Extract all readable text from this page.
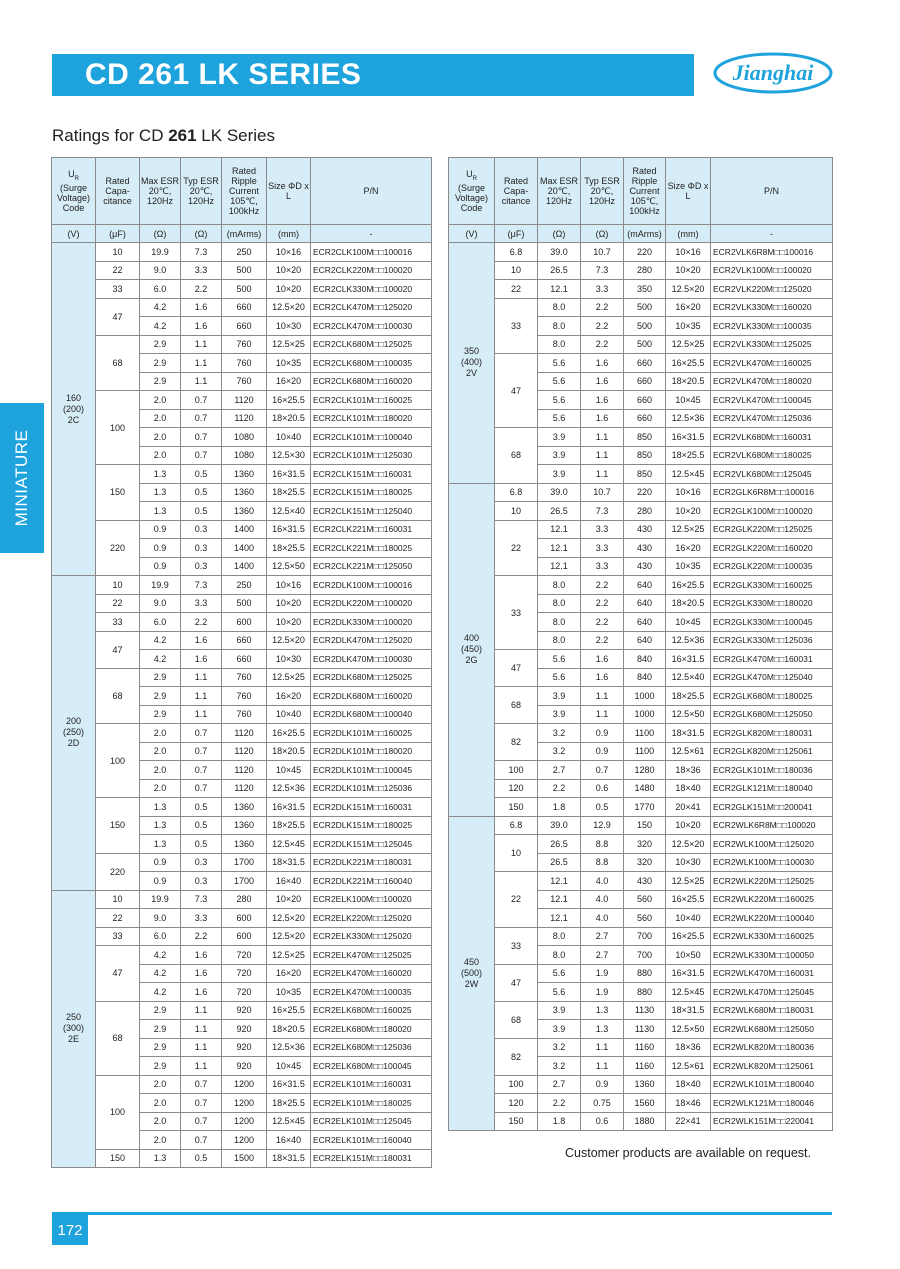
CD 261 LK SERIES	Jianghai
Ratings for CD 261 LK Series
MINIATURE
$U_R$
(Surge Voltage) Code	Rated Capa- citance	Max ESR 20℃, 120Hz	Typ ESR 20℃, 120Hz	Rated Ripple Current 105℃, 100kHz	Size ΦD x L	P/N
(V)	(μF)	(Ω)	(Ω)	(mArms)	(mm)	-
160
(200)
2C	10	19.9	7.3	250	10×16	ECR2CLK100M□□100016
	22	9.0	3.3	500	10×20	ECR2CLK220M□□100020
	33	6.0	2.2	500	10×20	ECR2CLK330M□□100020
	47	4.2	1.6	660	12.5×20	ECR2CLK470M□□125020
		4.2	1.6	660	10×30	ECR2CLK470M□□100030
	68	2.9	1.1	760	12.5×25	ECR2CLK680M□□125025
		2.9	1.1	760	10×35	ECR2CLK680M□□100035
		2.9	1.1	760	16×20	ECR2CLK680M□□160020
	100	2.0	0.7	1120	16×25.5	ECR2CLK101M□□160025
		2.0	0.7	1120	18×20.5	ECR2CLK101M□□180020
		2.0	0.7	1080	10×40	ECR2CLK101M□□100040
		2.0	0.7	1080	12.5×30	ECR2CLK101M□□125030
	150	1.3	0.5	1360	16×31.5	ECR2CLK151M□□160031
		1.3	0.5	1360	18×25.5	ECR2CLK151M□□180025
		1.3	0.5	1360	12.5×40	ECR2CLK151M□□125040
	220	0.9	0.3	1400	16×31.5	ECR2CLK221M□□160031
		0.9	0.3	1400	18×25.5	ECR2CLK221M□□180025
		0.9	0.3	1400	12.5×50	ECR2CLK221M□□125050
200
(250)
2D	10	19.9	7.3	250	10×16	ECR2DLK100M□□100016
	22	9.0	3.3	500	10×20	ECR2DLK220M□□100020
	33	6.0	2.2	600	10×20	ECR2DLK330M□□100020
	47	4.2	1.6	660	12.5×20	ECR2DLK470M□□125020
		4.2	1.6	660	10×30	ECR2DLK470M□□100030
	68	2.9	1.1	760	12.5×25	ECR2DLK680M□□125025
		2.9	1.1	760	16×20	ECR2DLK680M□□160020
		2.9	1.1	760	10×40	ECR2DLK680M□□100040
	100	2.0	0.7	1120	16×25.5	ECR2DLK101M□□160025
		2.0	0.7	1120	18×20.5	ECR2DLK101M□□180020
		2.0	0.7	1120	10×45	ECR2DLK101M□□100045
		2.0	0.7	1120	12.5×36	ECR2DLK101M□□125036
	150	1.3	0.5	1360	16×31.5	ECR2DLK151M□□160031
		1.3	0.5	1360	18×25.5	ECR2DLK151M□□180025
		1.3	0.5	1360	12.5×45	ECR2DLK151M□□125045
	220	0.9	0.3	1700	18×31.5	ECR2DLK221M□□180031
		0.9	0.3	1700	16×40	ECR2DLK221M□□160040
250
(300)
2E	10	19.9	7.3	280	10×20	ECR2ELK100M□□100020
	22	9.0	3.3	600	12.5×20	ECR2ELK220M□□125020
	33	6.0	2.2	600	12.5×20	ECR2ELK330M□□125020
	47	4.2	1.6	720	12.5×25	ECR2ELK470M□□125025
		4.2	1.6	720	16×20	ECR2ELK470M□□160020
		4.2	1.6	720	10×35	ECR2ELK470M□□100035
	68	2.9	1.1	920	16×25.5	ECR2ELK680M□□160025
		2.9	1.1	920	18×20.5	ECR2ELK680M□□180020
		2.9	1.1	920	12.5×36	ECR2ELK680M□□125036
		2.9	1.1	920	10×45	ECR2ELK680M□□100045
	100	2.0	0.7	1200	16×31.5	ECR2ELK101M□□160031
		2.0	0.7	1200	18×25.5	ECR2ELK101M□□180025
		2.0	0.7	1200	12.5×45	ECR2ELK101M□□125045
		2.0	0.7	1200	16×40	ECR2ELK101M□□160040
	150	1.3	0.5	1500	18×31.5	ECR2ELK151M□□180031
$U_R$
(Surge Voltage) Code	Rated Capa- citance	Max ESR 20℃, 120Hz	Typ ESR 20℃, 120Hz	Rated Ripple Current 105℃, 100kHz	Size ΦD x L	P/N
(V)	(μF)	(Ω)	(Ω)	(mArms)	(mm)	-
350
(400)
2V	6.8	39.0	10.7	220	10×16	ECR2VLK6R8M□□100016
	10	26.5	7.3	280	10×20	ECR2VLK100M□□100020
	22	12.1	3.3	350	12.5×20	ECR2VLK220M□□125020
	33	8.0	2.2	500	16×20	ECR2VLK330M□□160020
		8.0	2.2	500	10×35	ECR2VLK330M□□100035
		8.0	2.2	500	12.5×25	ECR2VLK330M□□125025
	47	5.6	1.6	660	16×25.5	ECR2VLK470M□□160025
		5.6	1.6	660	18×20.5	ECR2VLK470M□□180020
		5.6	1.6	660	10×45	ECR2VLK470M□□100045
		5.6	1.6	660	12.5×36	ECR2VLK470M□□125036
	68	3.9	1.1	850	16×31.5	ECR2VLK680M□□160031
		3.9	1.1	850	18×25.5	ECR2VLK680M□□180025
		3.9	1.1	850	12.5×45	ECR2VLK680M□□125045
400
(450)
2G	6.8	39.0	10.7	220	10×16	ECR2GLK6R8M□□100016
	10	26.5	7.3	280	10×20	ECR2GLK100M□□100020
	22	12.1	3.3	430	12.5×25	ECR2GLK220M□□125025
		12.1	3.3	430	16×20	ECR2GLK220M□□160020
		12.1	3.3	430	10×35	ECR2GLK220M□□100035
	33	8.0	2.2	640	16×25.5	ECR2GLK330M□□160025
		8.0	2.2	640	18×20.5	ECR2GLK330M□□180020
		8.0	2.2	640	10×45	ECR2GLK330M□□100045
		8.0	2.2	640	12.5×36	ECR2GLK330M□□125036
	47	5.6	1.6	840	16×31.5	ECR2GLK470M□□160031
		5.6	1.6	840	12.5×40	ECR2GLK470M□□125040
	68	3.9	1.1	1000	18×25.5	ECR2GLK680M□□180025
		3.9	1.1	1000	12.5×50	ECR2GLK680M□□125050
	82	3.2	0.9	1100	18×31.5	ECR2GLK820M□□180031
		3.2	0.9	1100	12.5×61	ECR2GLK820M□□125061
	100	2.7	0.7	1280	18×36	ECR2GLK101M□□180036
	120	2.2	0.6	1480	18×40	ECR2GLK121M□□180040
	150	1.8	0.5	1770	20×41	ECR2GLK151M□□200041
450
(500)
2W	6.8	39.0	12.9	150	10×20	ECR2WLK6R8M□□100020
	10	26.5	8.8	320	12.5×20	ECR2WLK100M□□125020
		26.5	8.8	320	10×30	ECR2WLK100M□□100030
	22	12.1	4.0	430	12.5×25	ECR2WLK220M□□125025
		12.1	4.0	560	16×25.5	ECR2WLK220M□□160025
		12.1	4.0	560	10×40	ECR2WLK220M□□100040
	33	8.0	2.7	700	16×25.5	ECR2WLK330M□□160025
		8.0	2.7	700	10×50	ECR2WLK330M□□100050
	47	5.6	1.9	880	16×31.5	ECR2WLK470M□□160031
		5.6	1.9	880	12.5×45	ECR2WLK470M□□125045
	68	3.9	1.3	1130	18×31.5	ECR2WLK680M□□180031
		3.9	1.3	1130	12.5×50	ECR2WLK680M□□125050
	82	3.2	1.1	1160	18×36	ECR2WLK820M□□180036
		3.2	1.1	1160	12.5×61	ECR2WLK820M□□125061
	100	2.7	0.9	1360	18×40	ECR2WLK101M□□180040
	120	2.2	0.75	1560	18×46	ECR2WLK121M□□180046
	150	1.8	0.6	1880	22×41	ECR2WLK151M□□220041
Customer products are available on request.
172
